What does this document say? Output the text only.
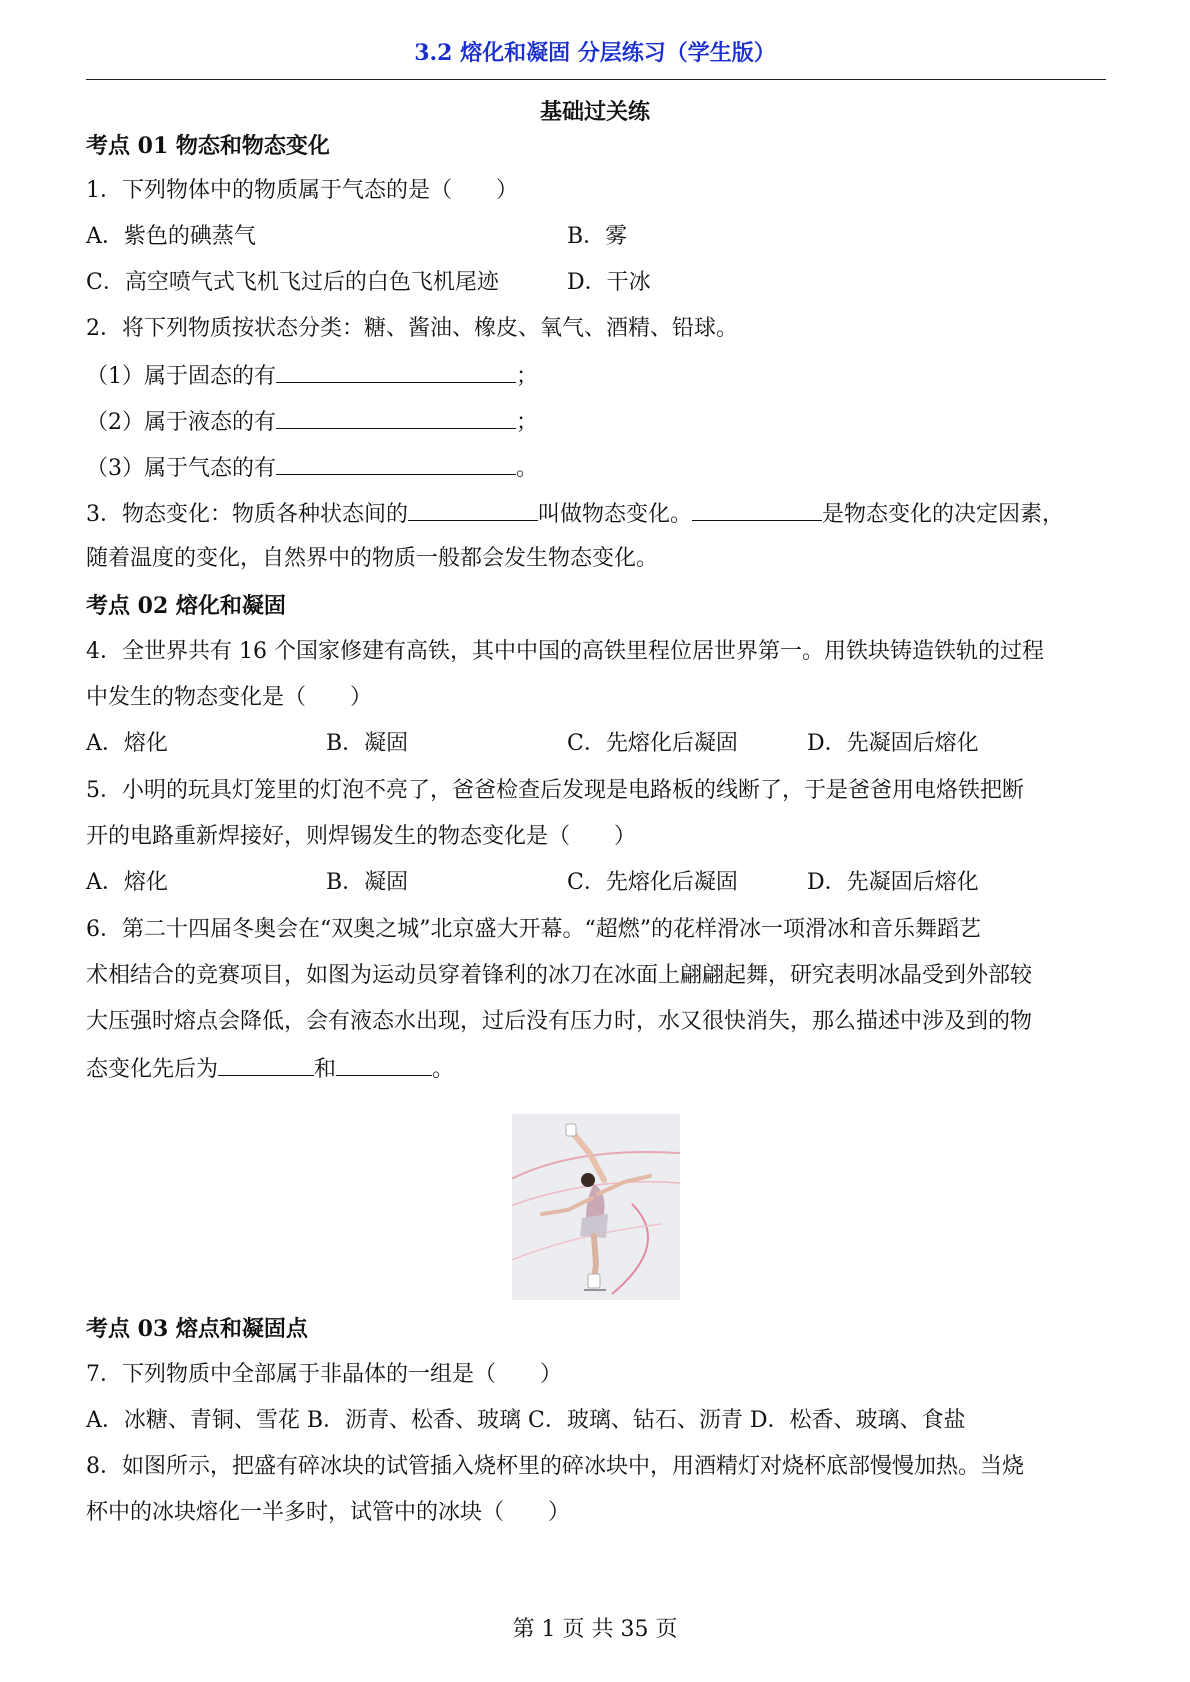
3.2 熔化和凝固 分层练习（学生版）
基础过关练
考点 01 物态和物态变化
1．下列物体中的物质属于气态的是（　　）
A．紫色的碘蒸气	B．雾
C．高空喷气式飞机飞过后的白色飞机尾迹	D．干冰
2．将下列物质按状态分类：糖、酱油、橡皮、氧气、酒精、铅球。
（1）属于固态的有	；
（2）属于液态的有	；
（3）属于气态的有	。
3．物态变化：物质各种状态间的	叫做物态变化。	是物态变化的决定因素，
随着温度的变化，自然界中的物质一般都会发生物态变化。
考点 02 熔化和凝固
4．全世界共有 16 个国家修建有高铁，其中中国的高铁里程位居世界第一。用铁块铸造铁轨的过程
中发生的物态变化是（　　）
A．熔化	B．凝固	C．先熔化后凝固	D．先凝固后熔化
5．小明的玩具灯笼里的灯泡不亮了，爸爸检查后发现是电路板的线断了，于是爸爸用电烙铁把断
开的电路重新焊接好，则焊锡发生的物态变化是（　　）
A．熔化	B．凝固	C．先熔化后凝固	D．先凝固后熔化
6．第二十四届冬奥会在“双奥之城”北京盛大开幕。“超燃”的花样滑冰一项滑冰和音乐舞蹈艺
术相结合的竞赛项目，如图为运动员穿着锋利的冰刀在冰面上翩翩起舞，研究表明冰晶受到外部较
大压强时熔点会降低，会有液态水出现，过后没有压力时，水又很快消失，那么描述中涉及到的物
态变化先后为	和	。
考点 03 熔点和凝固点
7．下列物质中全部属于非晶体的一组是（　　）
A．冰糖、青铜、雪花 B．沥青、松香、玻璃 C．玻璃、钻石、沥青 D．松香、玻璃、食盐
8．如图所示，把盛有碎冰块的试管插入烧杯里的碎冰块中，用酒精灯对烧杯底部慢慢加热。当烧
杯中的冰块熔化一半多时，试管中的冰块（　　）
第 1 页 共 35 页
